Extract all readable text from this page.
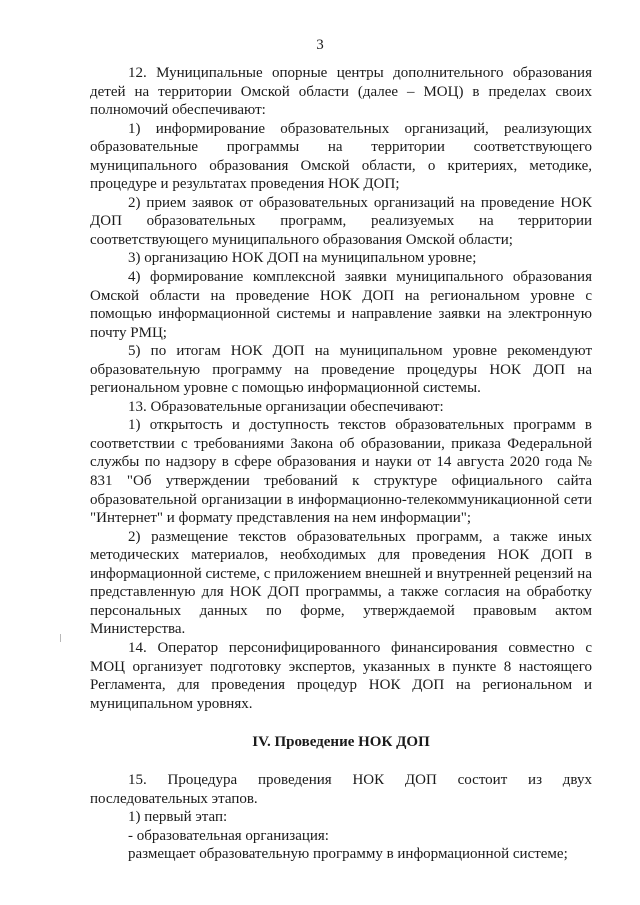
3

12. Муниципальные опорные центры дополнительного образования детей на территории Омской области (далее – МОЦ) в пределах своих полномочий обеспечивают:

1) информирование образовательных организаций, реализующих образовательные программы на территории соответствующего муниципального образования Омской области, о критериях, методике, процедуре и результатах проведения НОК ДОП;

2) прием заявок от образовательных организаций на проведение НОК ДОП образовательных программ, реализуемых на территории соответствующего муниципального образования Омской области;

3) организацию НОК ДОП на муниципальном уровне;

4) формирование комплексной заявки муниципального образования Омской области на проведение НОК ДОП на региональном уровне с помощью информационной системы и направление заявки на электронную почту РМЦ;

5) по итогам НОК ДОП на муниципальном уровне рекомендуют образовательную программу на проведение процедуры НОК ДОП на региональном уровне с помощью информационной системы.

13. Образовательные организации обеспечивают:

1) открытость и доступность текстов образовательных программ в соответствии с требованиями Закона об образовании, приказа Федеральной службы по надзору в сфере образования и науки от 14 августа 2020 года № 831 "Об утверждении требований к структуре официального сайта образовательной организации в информационно-телекоммуникационной сети "Интернет" и формату представления на нем информации";

2) размещение текстов образовательных программ, а также иных методических материалов, необходимых для проведения НОК ДОП в информационной системе, с приложением внешней и внутренней рецензий на представленную для НОК ДОП программы, а также согласия на обработку персональных данных по форме, утверждаемой правовым актом Министерства.

14. Оператор персонифицированного финансирования совместно с МОЦ организует подготовку экспертов, указанных в пункте 8 настоящего Регламента, для проведения процедур НОК ДОП на региональном и муниципальном уровнях.

IV. Проведение НОК ДОП

15. Процедура проведения НОК ДОП состоит из двух последовательных этапов.

1) первый этап:

- образовательная организация:

размещает образовательную программу в информационной системе;
